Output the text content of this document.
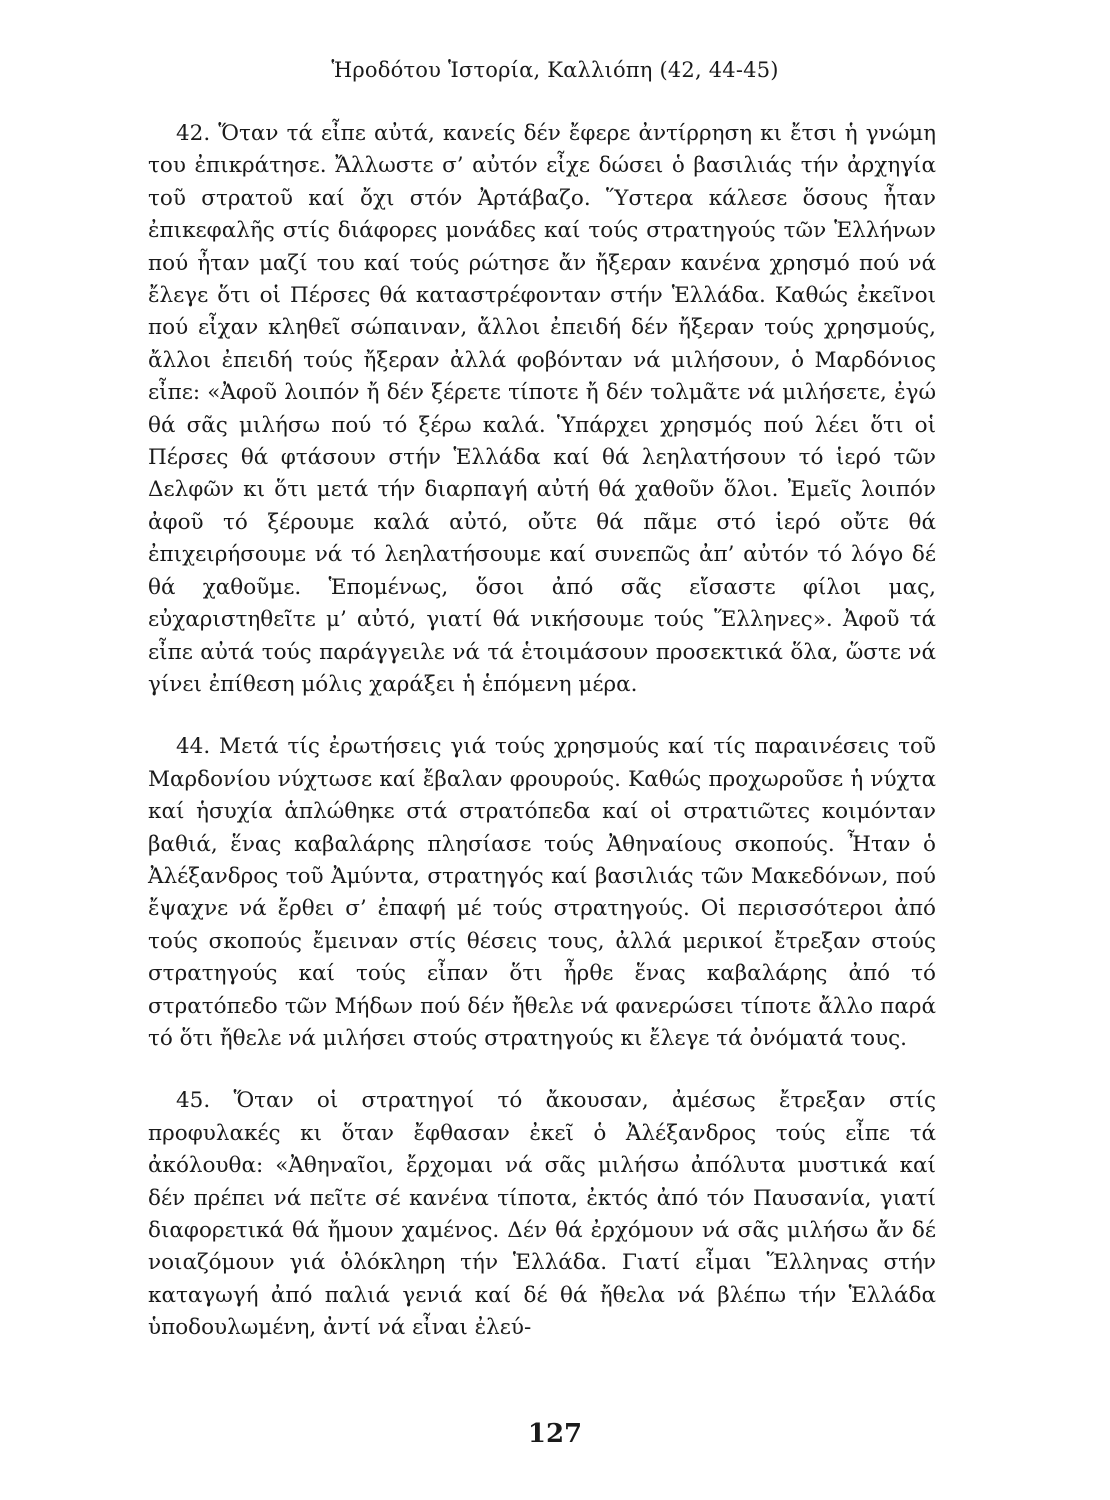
Ἡροδότου Ἱστορία, Καλλιόπη (42, 44-45)

42. Ὅταν τά εἶπε αὐτά, κανείς δέν ἔφερε ἀντίρρηση κι ἔτσι ἡ γνώμη του ἐπικράτησε. Ἄλλωστε σ’ αὐτόν εἶχε δώσει ὁ βασιλιάς τήν ἀρχηγία τοῦ στρατοῦ καί ὄχι στόν Ἀρτάβαζο. Ὕστερα κάλεσε ὅσους ἦταν ἐπικεφαλῆς στίς διάφορες μονάδες καί τούς στρατηγούς τῶν Ἑλλήνων πού ἦταν μαζί του καί τούς ρώτησε ἄν ἤξεραν κανένα χρησμό πού νά ἔλεγε ὅτι οἱ Πέρσες θά καταστρέφονταν στήν Ἑλλάδα. Καθώς ἐκεῖνοι πού εἶχαν κληθεῖ σώπαιναν, ἄλλοι ἐπειδή δέν ἤξεραν τούς χρησμούς, ἄλλοι ἐπειδή τούς ἤξεραν ἀλλά φοβόνταν νά μιλήσουν, ὁ Μαρδόνιος εἶπε: «Ἀφοῦ λοιπόν ἤ δέν ξέρετε τίποτε ἤ δέν τολμᾶτε νά μιλήσετε, ἐγώ θά σᾶς μιλήσω πού τό ξέρω καλά. Ὑπάρχει χρησμός πού λέει ὅτι οἱ Πέρσες θά φτάσουν στήν Ἑλλάδα καί θά λεηλατήσουν τό ἱερό τῶν Δελφῶν κι ὅτι μετά τήν διαρπαγή αὐτή θά χαθοῦν ὅλοι. Ἐμεῖς λοιπόν ἀφοῦ τό ξέρουμε καλά αὐτό, οὔτε θά πᾶμε στό ἱερό οὔτε θά ἐπιχειρήσουμε νά τό λεηλατήσουμε καί συνεπῶς ἀπ’ αὐτόν τό λόγο δέ θά χαθοῦμε. Ἑπομένως, ὅσοι ἀπό σᾶς εἴσαστε φίλοι μας, εὐχαριστηθεῖτε μ’ αὐτό, γιατί θά νικήσουμε τούς Ἕλληνες». Ἀφοῦ τά εἶπε αὐτά τούς παράγγειλε νά τά ἑτοιμάσουν προσεκτικά ὅλα, ὥστε νά γίνει ἐπίθεση μόλις χαράξει ἡ ἑπόμενη μέρα.

44. Μετά τίς ἐρωτήσεις γιά τούς χρησμούς καί τίς παραινέσεις τοῦ Μαρδονίου νύχτωσε καί ἔβαλαν φρουρούς. Καθώς προχωροῦσε ἡ νύχτα καί ἡσυχία ἁπλώθηκε στά στρατόπεδα καί οἱ στρατιῶτες κοιμόνταν βαθιά, ἕνας καβαλάρης πλησίασε τούς Ἀθηναίους σκοπούς. Ἦταν ὁ Ἀλέξανδρος τοῦ Ἀμύντα, στρατηγός καί βασιλιάς τῶν Μακεδόνων, πού ἔψαχνε νά ἔρθει σ’ ἐπαφή μέ τούς στρατηγούς. Οἱ περισσότεροι ἀπό τούς σκοπούς ἔμειναν στίς θέσεις τους, ἀλλά μερικοί ἔτρεξαν στούς στρατηγούς καί τούς εἶπαν ὅτι ἦρθε ἕνας καβαλάρης ἀπό τό στρατόπεδο τῶν Μήδων πού δέν ἤθελε νά φανερώσει τίποτε ἄλλο παρά τό ὅτι ἤθελε νά μιλήσει στούς στρατηγούς κι ἔλεγε τά ὀνόματά τους.

45. Ὅταν οἱ στρατηγοί τό ἄκουσαν, ἀμέσως ἔτρεξαν στίς προφυλακές κι ὅταν ἔφθασαν ἐκεῖ ὁ Ἀλέξανδρος τούς εἶπε τά ἀκόλουθα: «Ἀθηναῖοι, ἔρχομαι νά σᾶς μιλήσω ἀπόλυτα μυστικά καί δέν πρέπει νά πεῖτε σέ κανένα τίποτα, ἐκτός ἀπό τόν Παυσανία, γιατί διαφορετικά θά ἤμουν χαμένος. Δέν θά ἐρχόμουν νά σᾶς μιλήσω ἄν δέ νοιαζόμουν γιά ὁλόκληρη τήν Ἑλλάδα. Γιατί εἶμαι Ἕλληνας στήν καταγωγή ἀπό παλιά γενιά καί δέ θά ἤθελα νά βλέπω τήν Ἑλλάδα ὑποδουλωμένη, ἀντί νά εἶναι ἐλεύ-

127
